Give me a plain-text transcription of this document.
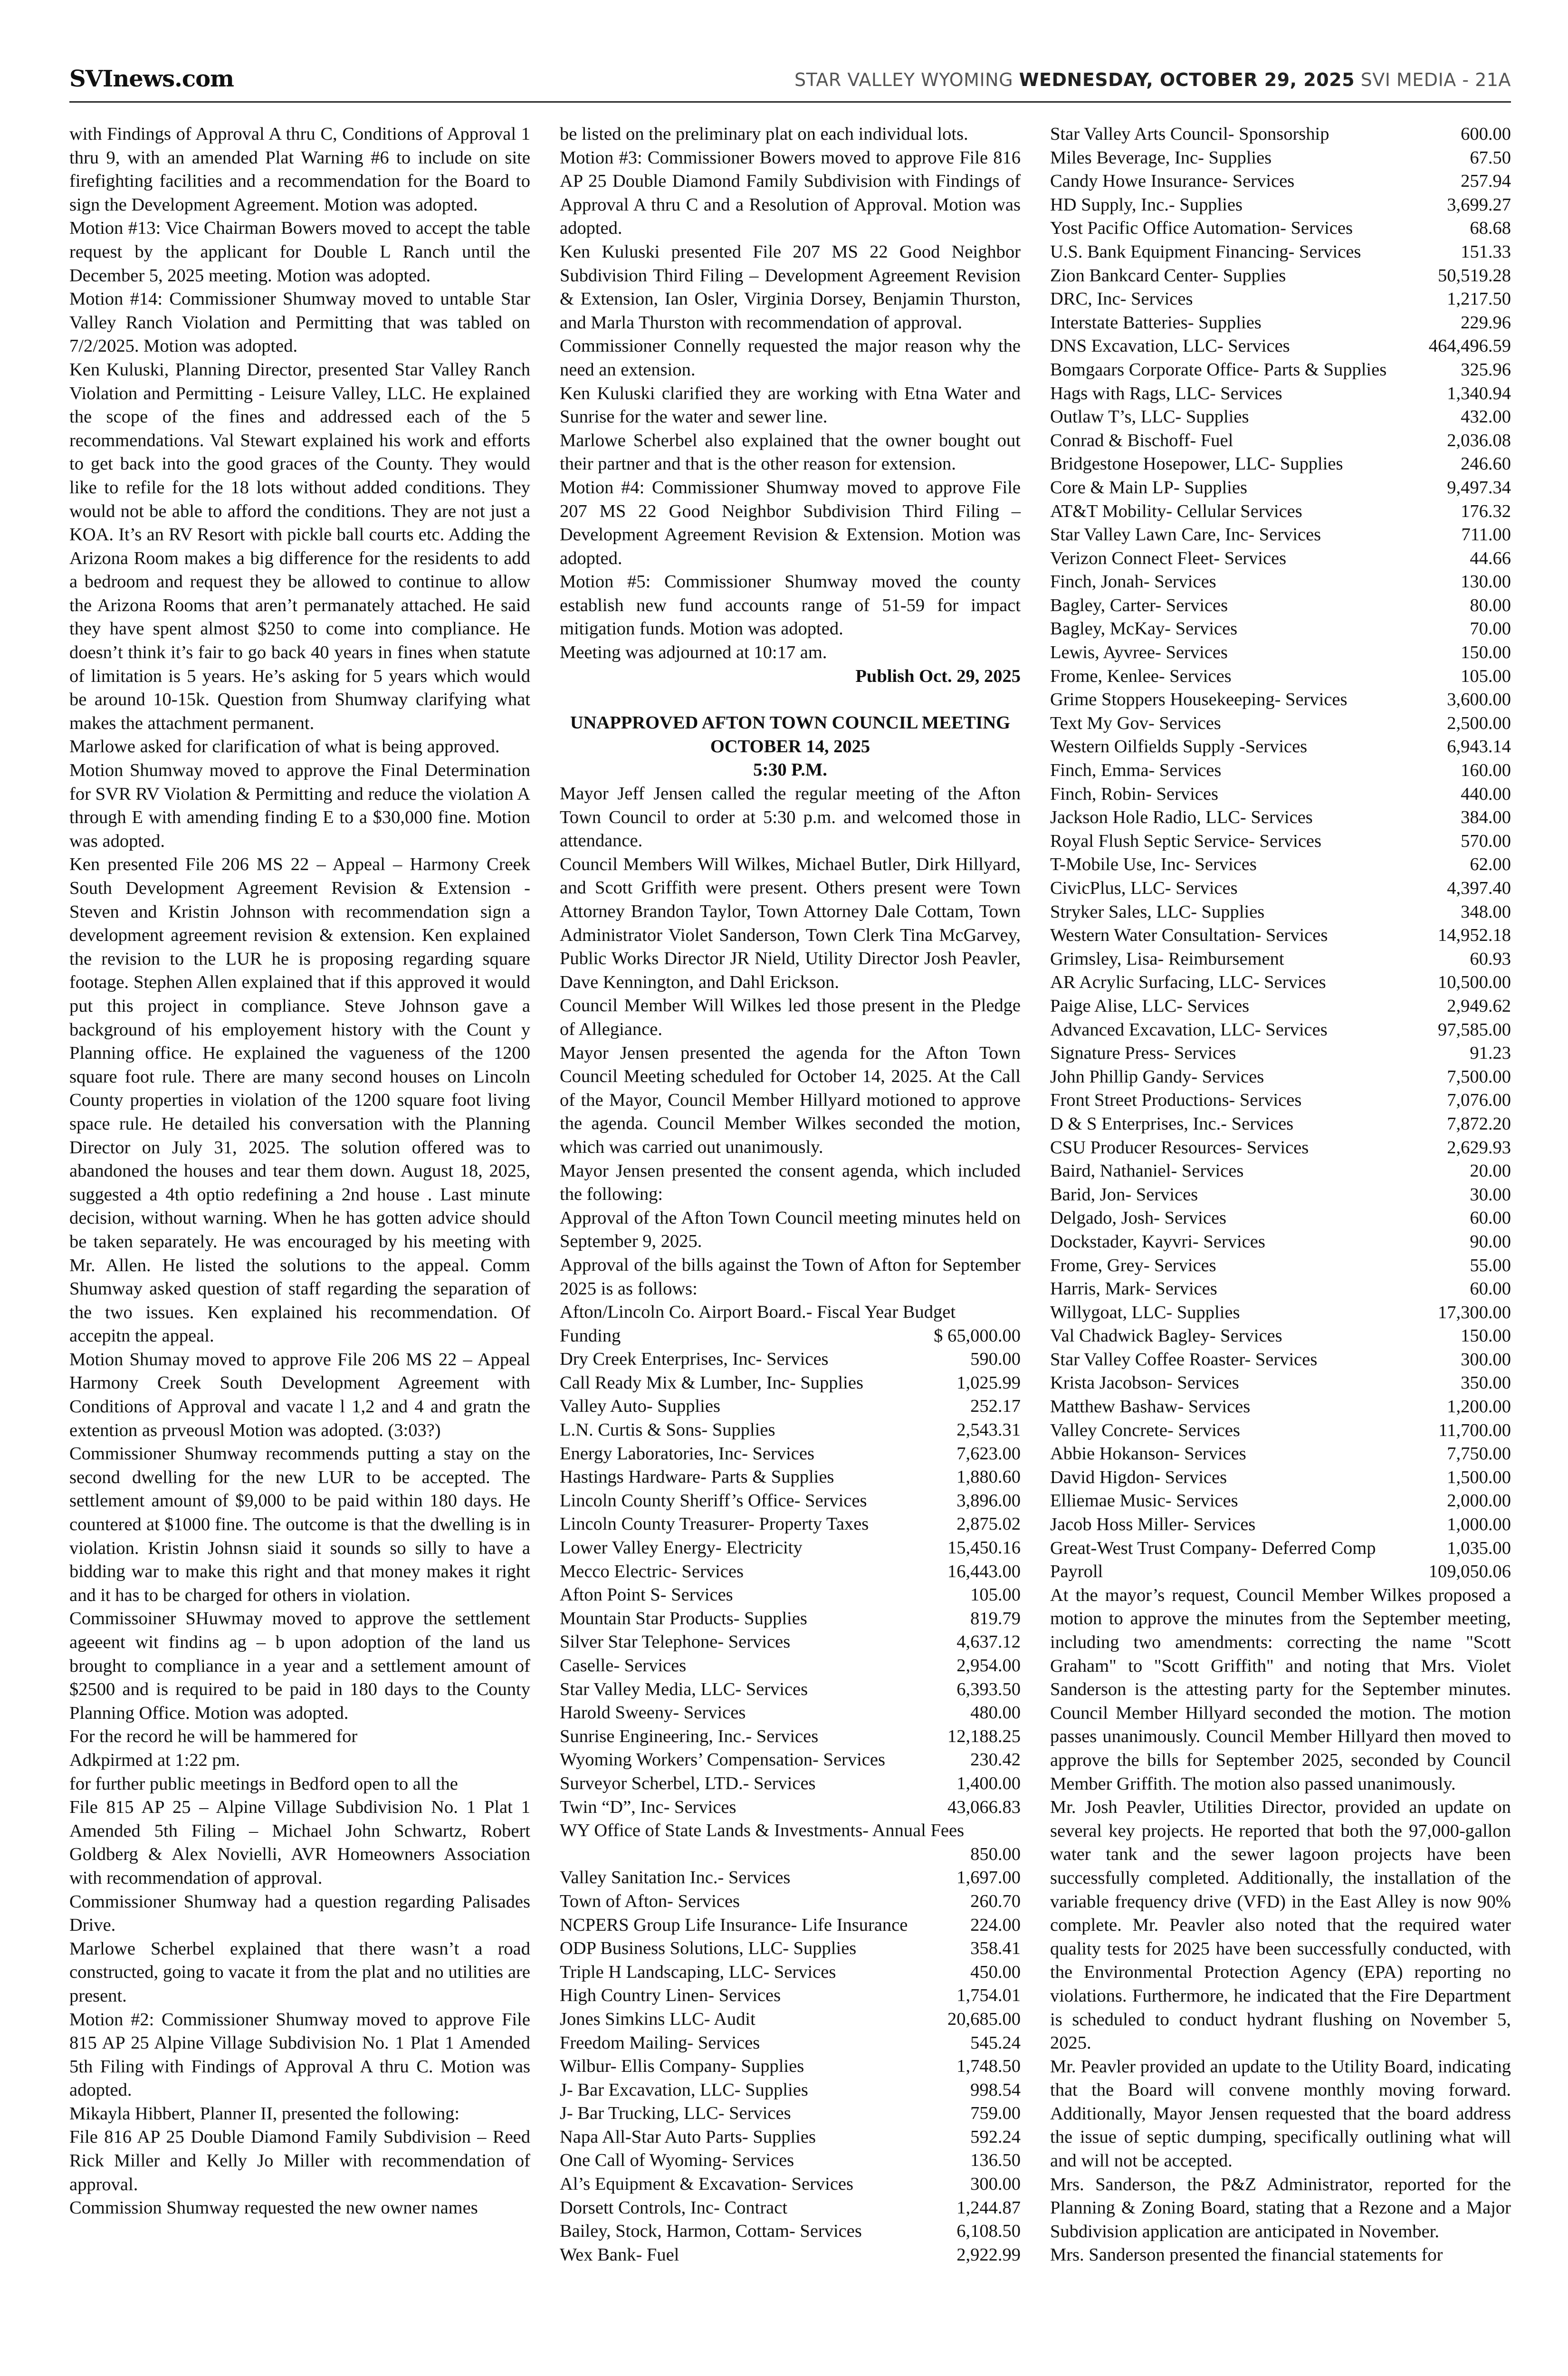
SVInews.com	STAR VALLEY WYOMING WEDNESDAY, OCTOBER 29, 2025 SVI MEDIA - 21A

with Findings of Approval A thru C, Conditions of Approval 1 thru 9, with an amended Plat Warning #6 to include on site firefighting facilities and a recommendation for the Board to sign the Development Agreement. Motion was adopted.

Motion #13: Vice Chairman Bowers moved to accept the table request by the applicant for Double L Ranch until the December 5, 2025 meeting. Motion was adopted.

Motion #14: Commissioner Shumway moved to untable Star Valley Ranch Violation and Permitting that was tabled on 7/2/2025. Motion was adopted.

Ken Kuluski, Planning Director, presented Star Valley Ranch Violation and Permitting - Leisure Valley, LLC. He explained the scope of the fines and addressed each of the 5 recommendations. Val Stewart explained his work and efforts to get back into the good graces of the County. They would like to refile for the 18 lots without added conditions. They would not be able to afford the conditions. They are not just a KOA. It’s an RV Resort with pickle ball courts etc. Adding the Arizona Room makes a big difference for the residents to add a bedroom and request they be allowed to continue to allow the Arizona Rooms that aren’t permanately attached. He said they have spent almost $250 to come into compliance. He doesn’t think it’s fair to go back 40 years in fines when statute of limitation is 5 years. He’s asking for 5 years which would be around 10-15k. Question from Shumway clarifying what makes the attachment permanent.

Marlowe asked for clarification of what is being approved.

Motion Shumway moved to approve the Final Determination for SVR RV Violation & Permitting and reduce the violation A through E with amending finding E to a $30,000 fine. Motion was adopted.

Ken presented File 206 MS 22 – Appeal – Harmony Creek South Development Agreement Revision & Extension - Steven and Kristin Johnson with recommendation sign a development agreement revision & extension. Ken explained the revision to the LUR he is proposing regarding square footage. Stephen Allen explained that if this approved it would put this project in compliance. Steve Johnson gave a background of his employement history with the Count y Planning office. He explained the vagueness of the 1200 square foot rule. There are many second houses on Lincoln County properties in violation of the 1200 square foot living space rule. He detailed his conversation with the Planning Director on July 31, 2025. The solution offered was to abandoned the houses and tear them down. August 18, 2025, suggested a 4th optio redefining a 2nd house . Last minute decision, without warning. When he has gotten advice should be taken separately. He was encouraged by his meeting with Mr. Allen. He listed the solutions to the appeal. Comm Shumway asked question of staff regarding the separation of the two issues. Ken explained his recommendation. Of accepitn the appeal.

Motion Shumay moved to approve File 206 MS 22 – Appeal Harmony Creek South Development Agreement with Conditions of Approval and vacate l 1,2 and 4 and gratn the extention as prveousl Motion was adopted. (3:03?)

Commissioner Shumway recommends putting a stay on the second dwelling for the new LUR to be accepted. The settlement amount of $9,000 to be paid within 180 days. He countered at $1000 fine. The outcome is that the dwelling is in violation. Kristin Johnsn siaid it sounds so silly to have a bidding war to make this right and that money makes it right and it has to be charged for others in violation.

Commissoiner SHuwmay moved to approve the settlement ageeent wit findins ag – b upon adoption of the land us brought to compliance in a year and a settlement amount of $2500 and is required to be paid in 180 days to the County Planning Office. Motion was adopted.

For the record he will be hammered for

Adkpirmed at 1:22 pm.

for further public meetings in Bedford open to all the

File 815 AP 25 – Alpine Village Subdivision No. 1 Plat 1 Amended 5th Filing – Michael John Schwartz, Robert Goldberg & Alex Novielli, AVR Homeowners Association with recommendation of approval.

Commissioner Shumway had a question regarding Palisades Drive.

Marlowe Scherbel explained that there wasn’t a road constructed, going to vacate it from the plat and no utilities are present.

Motion #2: Commissioner Shumway moved to approve File 815 AP 25 Alpine Village Subdivision No. 1 Plat 1 Amended 5th Filing with Findings of Approval A thru C. Motion was adopted.

Mikayla Hibbert, Planner II, presented the following:

File 816 AP 25 Double Diamond Family Subdivision – Reed Rick Miller and Kelly Jo Miller with recommendation of approval.

Commission Shumway requested the new owner names

be listed on the preliminary plat on each individual lots.

Motion #3: Commissioner Bowers moved to approve File 816 AP 25 Double Diamond Family Subdivision with Findings of Approval A thru C and a Resolution of Approval. Motion was adopted.

Ken Kuluski presented File 207 MS 22 Good Neighbor Subdivision Third Filing – Development Agreement Revision & Extension, Ian Osler, Virginia Dorsey, Benjamin Thurston, and Marla Thurston with recommendation of approval.

Commissioner Connelly requested the major reason why the need an extension.

Ken Kuluski clarified they are working with Etna Water and Sunrise for the water and sewer line.

Marlowe Scherbel also explained that the owner bought out their partner and that is the other reason for extension.

Motion #4: Commissioner Shumway moved to approve File 207 MS 22 Good Neighbor Subdivision Third Filing – Development Agreement Revision & Extension. Motion was adopted.

Motion #5: Commissioner Shumway moved the county establish new fund accounts range of 51-59 for impact mitigation funds. Motion was adopted.

Meeting was adjourned at 10:17 am.

Publish Oct. 29, 2025

UNAPPROVED AFTON TOWN COUNCIL MEETING
OCTOBER 14, 2025
5:30 P.M.

Mayor Jeff Jensen called the regular meeting of the Afton Town Council to order at 5:30 p.m. and welcomed those in attendance.

Council Members Will Wilkes, Michael Butler, Dirk Hillyard, and Scott Griffith were present. Others present were Town Attorney Brandon Taylor, Town Attorney Dale Cottam, Town Administrator Violet Sanderson, Town Clerk Tina McGarvey, Public Works Director JR Nield, Utility Director Josh Peavler, Dave Kennington, and Dahl Erickson.

Council Member Will Wilkes led those present in the Pledge of Allegiance.

Mayor Jensen presented the agenda for the Afton Town Council Meeting scheduled for October 14, 2025. At the Call of the Mayor, Council Member Hillyard motioned to approve the agenda. Council Member Wilkes seconded the motion, which was carried out unanimously.

Mayor Jensen presented the consent agenda, which included the following:

Approval of the Afton Town Council meeting minutes held on September 9, 2025.

Approval of the bills against the Town of Afton for September 2025 is as follows:

Afton/Lincoln Co. Airport Board.- Fiscal Year Budget

Funding	$ 65,000.00
Dry Creek Enterprises, Inc- Services	590.00
Call Ready Mix & Lumber, Inc- Supplies	1,025.99
Valley Auto- Supplies	252.17
L.N. Curtis & Sons- Supplies	2,543.31
Energy Laboratories, Inc- Services	7,623.00
Hastings Hardware- Parts & Supplies	1,880.60
Lincoln County Sheriff’s Office- Services	3,896.00
Lincoln County Treasurer- Property Taxes	2,875.02
Lower Valley Energy- Electricity	15,450.16
Mecco Electric- Services	16,443.00
Afton Point S- Services	105.00
Mountain Star Products- Supplies	819.79
Silver Star Telephone- Services	4,637.12
Caselle- Services	2,954.00
Star Valley Media, LLC- Services	6,393.50
Harold Sweeny- Services	480.00
Sunrise Engineering, Inc.- Services	12,188.25
Wyoming Workers’ Compensation- Services	230.42
Surveyor Scherbel, LTD.- Services	1,400.00
Twin “D”, Inc- Services	43,066.83

WY Office of State Lands & Investments- Annual Fees

850.00
Valley Sanitation Inc.- Services	1,697.00
Town of Afton- Services	260.70
NCPERS Group Life Insurance- Life Insurance	224.00
ODP Business Solutions, LLC- Supplies	358.41
Triple H Landscaping, LLC- Services	450.00
High Country Linen- Services	1,754.01
Jones Simkins LLC- Audit	20,685.00
Freedom Mailing- Services	545.24
Wilbur- Ellis Company- Supplies	1,748.50
J- Bar Excavation, LLC- Supplies	998.54
J- Bar Trucking, LLC- Services	759.00
Napa All-Star Auto Parts- Supplies	592.24
One Call of Wyoming- Services	136.50
Al’s Equipment & Excavation- Services	300.00
Dorsett Controls, Inc- Contract	1,244.87
Bailey, Stock, Harmon, Cottam- Services	6,108.50
Wex Bank- Fuel	2,922.99
Star Valley Arts Council- Sponsorship	600.00
Miles Beverage, Inc- Supplies	67.50
Candy Howe Insurance- Services	257.94
HD Supply, Inc.- Supplies	3,699.27
Yost Pacific Office Automation- Services	68.68
U.S. Bank Equipment Financing- Services	151.33
Zion Bankcard Center- Supplies	50,519.28
DRC, Inc- Services	1,217.50
Interstate Batteries- Supplies	229.96
DNS Excavation, LLC- Services	464,496.59
Bomgaars Corporate Office- Parts & Supplies	325.96
Hags with Rags, LLC- Services	1,340.94
Outlaw T’s, LLC- Supplies	432.00
Conrad & Bischoff- Fuel	2,036.08
Bridgestone Hosepower, LLC- Supplies	246.60
Core & Main LP- Supplies	9,497.34
AT&T Mobility- Cellular Services	176.32
Star Valley Lawn Care, Inc- Services	711.00
Verizon Connect Fleet- Services	44.66
Finch, Jonah- Services	130.00
Bagley, Carter- Services	80.00
Bagley, McKay- Services	70.00
Lewis, Ayvree- Services	150.00
Frome, Kenlee- Services	105.00
Grime Stoppers Housekeeping- Services	3,600.00
Text My Gov- Services	2,500.00
Western Oilfields Supply -Services	6,943.14
Finch, Emma- Services	160.00
Finch, Robin- Services	440.00
Jackson Hole Radio, LLC- Services	384.00
Royal Flush Septic Service- Services	570.00
T-Mobile Use, Inc- Services	62.00
CivicPlus, LLC- Services	4,397.40
Stryker Sales, LLC- Supplies	348.00
Western Water Consultation- Services	14,952.18
Grimsley, Lisa- Reimbursement	60.93
AR Acrylic Surfacing, LLC- Services	10,500.00
Paige Alise, LLC- Services	2,949.62
Advanced Excavation, LLC- Services	97,585.00
Signature Press- Services	91.23
John Phillip Gandy- Services	7,500.00
Front Street Productions- Services	7,076.00
D & S Enterprises, Inc.- Services	7,872.20
CSU Producer Resources- Services	2,629.93
Baird, Nathaniel- Services	20.00
Barid, Jon- Services	30.00
Delgado, Josh- Services	60.00
Dockstader, Kayvri- Services	90.00
Frome, Grey- Services	55.00
Harris, Mark- Services	60.00
Willygoat, LLC- Supplies	17,300.00
Val Chadwick Bagley- Services	150.00
Star Valley Coffee Roaster- Services	300.00
Krista Jacobson- Services	350.00
Matthew Bashaw- Services	1,200.00
Valley Concrete- Services	11,700.00
Abbie Hokanson- Services	7,750.00
David Higdon- Services	1,500.00
Elliemae Music- Services	2,000.00
Jacob Hoss Miller- Services	1,000.00
Great-West Trust Company- Deferred Comp	1,035.00
Payroll	109,050.06

At the mayor’s request, Council Member Wilkes proposed a motion to approve the minutes from the September meeting, including two amendments: correcting the name "Scott Graham" to "Scott Griffith" and noting that Mrs. Violet Sanderson is the attesting party for the September minutes. Council Member Hillyard seconded the motion. The motion passes unanimously. Council Member Hillyard then moved to approve the bills for September 2025, seconded by Council Member Griffith. The motion also passed unanimously.

Mr. Josh Peavler, Utilities Director, provided an update on several key projects. He reported that both the 97,000-gallon water tank and the sewer lagoon projects have been successfully completed. Additionally, the installation of the variable frequency drive (VFD) in the East Alley is now 90% complete. Mr. Peavler also noted that the required water quality tests for 2025 have been successfully conducted, with the Environmental Protection Agency (EPA) reporting no violations. Furthermore, he indicated that the Fire Department is scheduled to conduct hydrant flushing on November 5, 2025.

Mr. Peavler provided an update to the Utility Board, indicating that the Board will convene monthly moving forward. Additionally, Mayor Jensen requested that the board address the issue of septic dumping, specifically outlining what will and will not be accepted.

Mrs. Sanderson, the P&Z Administrator, reported for the Planning & Zoning Board, stating that a Rezone and a Major Subdivision application are anticipated in November.

Mrs. Sanderson presented the financial statements for
